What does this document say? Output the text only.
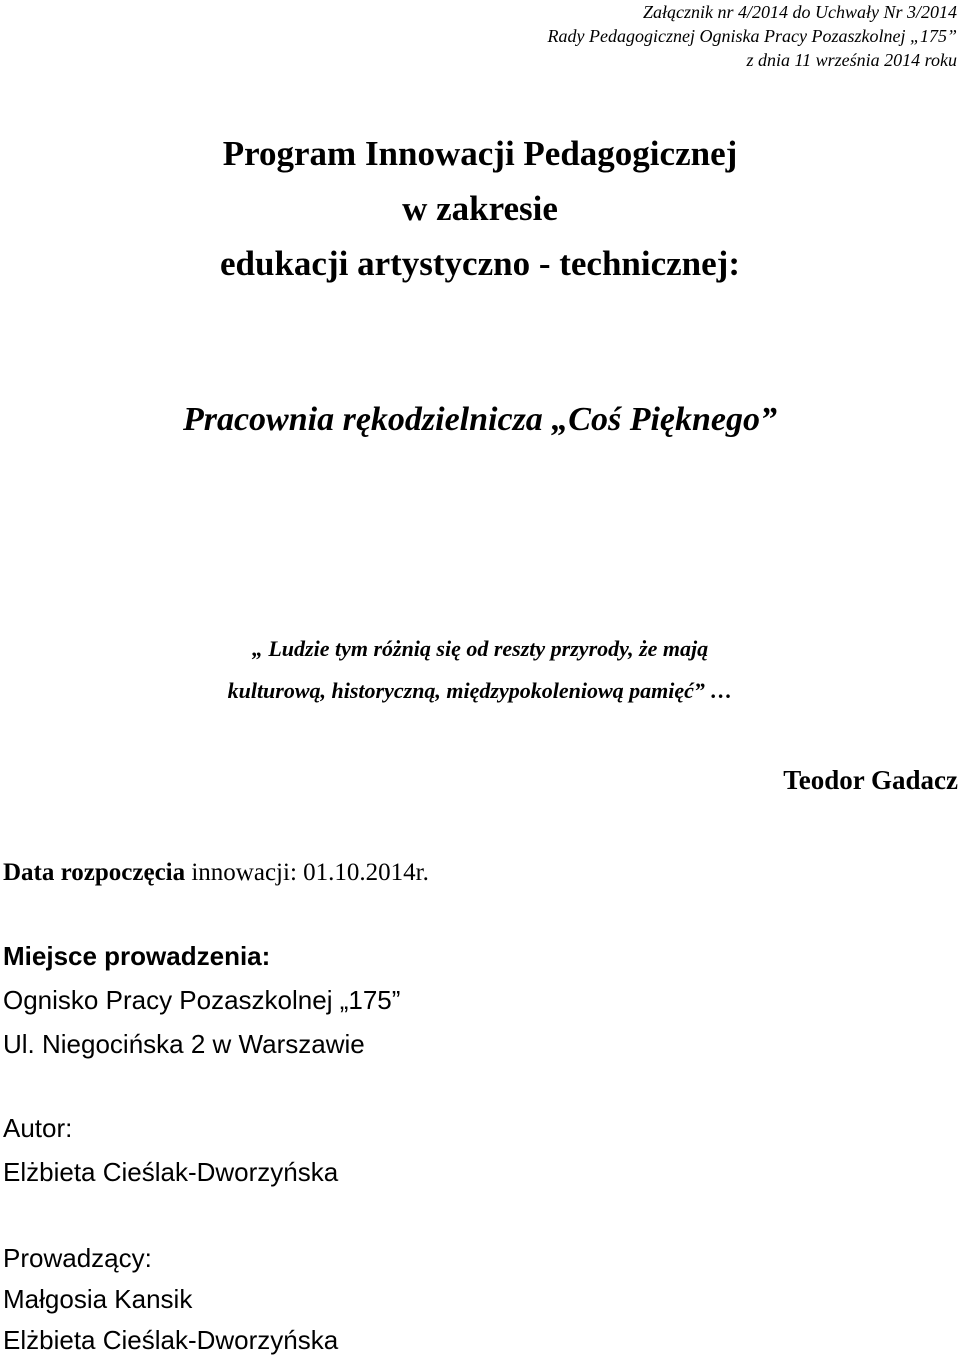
Załącznik nr 4/2014 do Uchwały Nr 3/2014
Rady Pedagogicznej Ogniska Pracy Pozaszkolnej „175”
z dnia 11 września 2014 roku
Program Innowacji Pedagogicznej
w zakresie
edukacji artystyczno - technicznej:
Pracownia rękodzielnicza „Coś Pięknego”
„ Ludzie tym różnią się od reszty przyrody, że mają
kulturową, historyczną, międzypokoleniową pamięć” …
Teodor Gadacz
Data rozpoczęcia innowacji: 01.10.2014r.
Miejsce prowadzenia:
Ognisko Pracy Pozaszkolnej „175”
Ul. Niegocińska 2 w Warszawie
Autor:
Elżbieta Cieślak-Dworzyńska
Prowadzący:
Małgosia Kansik
Elżbieta Cieślak-Dworzyńska
